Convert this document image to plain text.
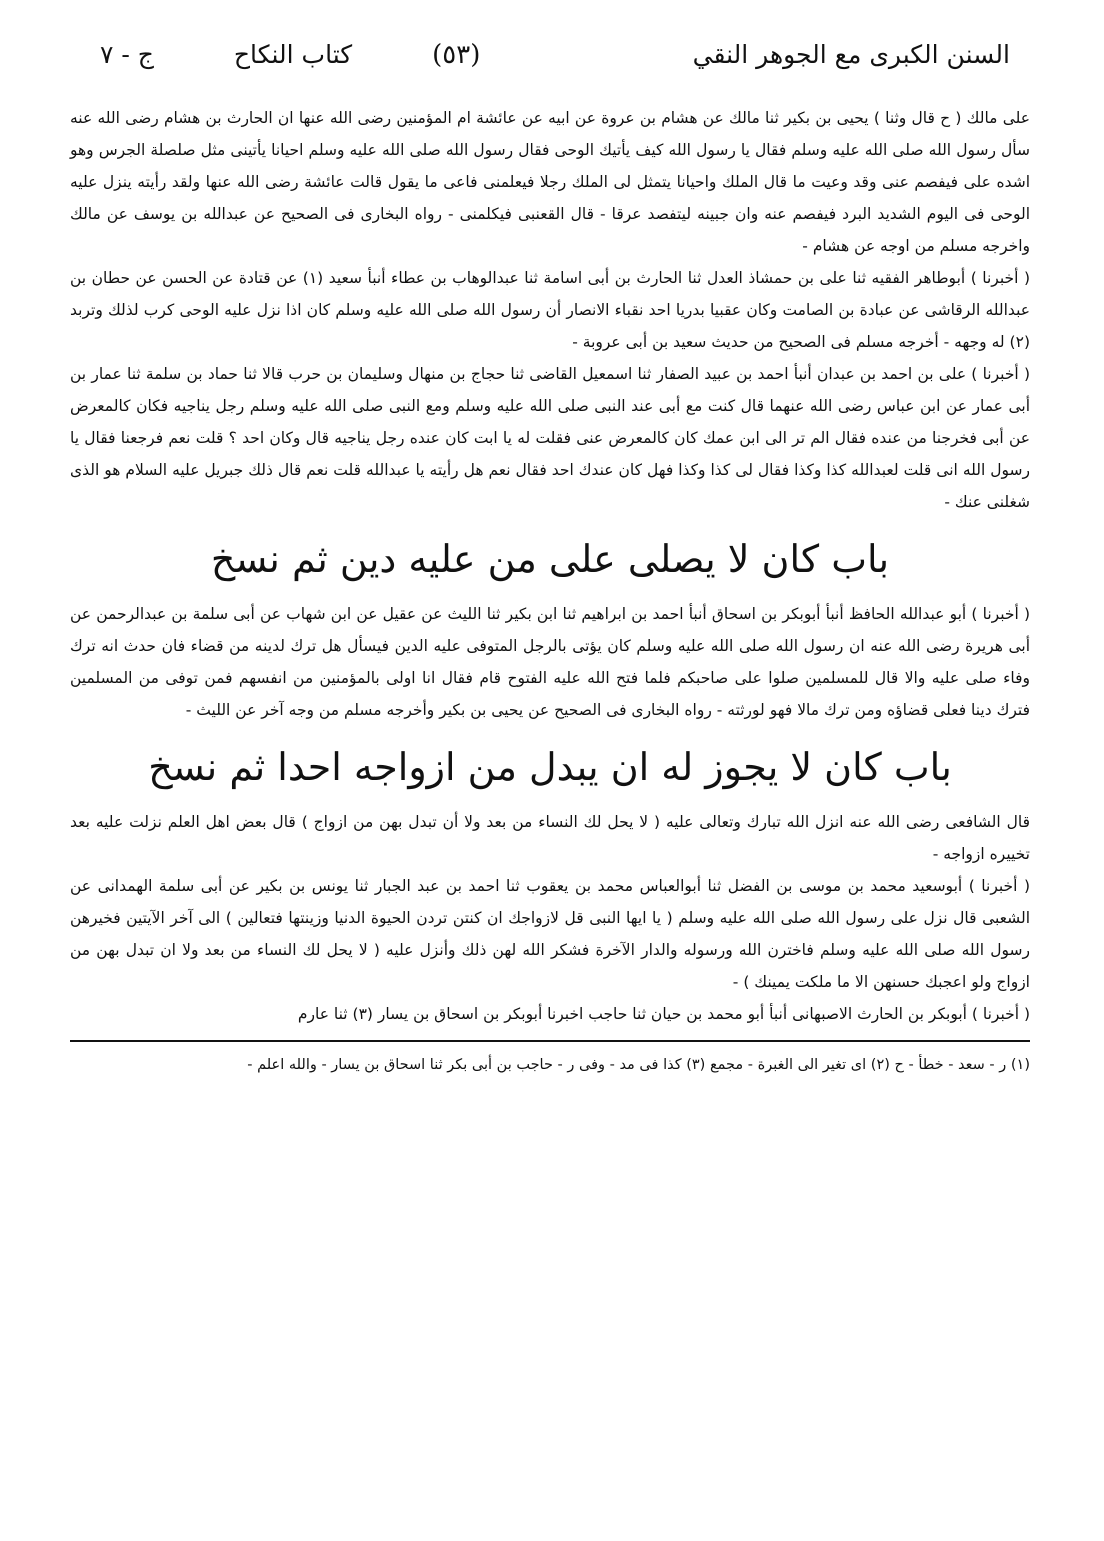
السنن الكبرى مع الجوهر النقي
(٥٣)
كتاب النكاح
ج - ٧

على مالك ( ح قال وثنا ) يحيى بن بكير ثنا مالك عن هشام بن عروة عن ابيه عن عائشة ام المؤمنين رضى الله عنها ان الحارث بن هشام رضى الله عنه سأل رسول الله صلى الله عليه وسلم فقال يا رسول الله كيف يأتيك الوحى فقال رسول الله صلى الله عليه وسلم احيانا يأتينى مثل صلصلة الجرس وهو اشده على فيفصم عنى وقد وعيت ما قال الملك واحيانا يتمثل لى الملك رجلا فيعلمنى فاعى ما يقول قالت عائشة رضى الله عنها ولقد رأيته ينزل عليه الوحى فى اليوم الشديد البرد فيفصم عنه وان جبينه ليتفصد عرقا - قال القعنبى فيكلمنى - رواه البخارى فى الصحيح عن عبدالله بن يوسف عن مالك واخرجه مسلم من اوجه عن هشام -

( أخبرنا ) أبوطاهر الفقيه ثنا على بن حمشاذ العدل ثنا الحارث بن أبى اسامة ثنا عبدالوهاب بن عطاء أنبأ سعيد (١) عن قتادة عن الحسن عن حطان بن عبدالله الرقاشى عن عبادة بن الصامت وكان عقبيا بدريا احد نقباء الانصار أن رسول الله صلى الله عليه وسلم كان اذا نزل عليه الوحى كرب لذلك وتربد (٢) له وجهه - أخرجه مسلم فى الصحيح من حديث سعيد بن أبى عروبة -

( أخبرنا ) على بن احمد بن عبدان أنبأ احمد بن عبيد الصفار ثنا اسمعيل القاضى ثنا حجاج بن منهال وسليمان بن حرب قالا ثنا حماد بن سلمة ثنا عمار بن أبى عمار عن ابن عباس رضى الله عنهما قال كنت مع أبى عند النبى صلى الله عليه وسلم ومع النبى صلى الله عليه وسلم رجل يناجيه فكان كالمعرض عن أبى فخرجنا من عنده فقال الم تر الى ابن عمك كان كالمعرض عنى فقلت له يا ابت كان عنده رجل يناجيه قال وكان احد ؟ قلت نعم فرجعنا فقال يا رسول الله انى قلت لعبدالله كذا وكذا فقال لى كذا وكذا فهل كان عندك احد فقال نعم هل رأيته يا عبدالله قلت نعم قال ذلك جبريل عليه السلام هو الذى شغلنى عنك -

باب كان لا يصلى على من عليه دين ثم نسخ

( أخبرنا ) أبو عبدالله الحافظ أنبأ أبوبكر بن اسحاق أنبأ احمد بن ابراهيم ثنا ابن بكير ثنا الليث عن عقيل عن ابن شهاب عن أبى سلمة بن عبدالرحمن عن أبى هريرة رضى الله عنه ان رسول الله صلى الله عليه وسلم كان يؤتى بالرجل المتوفى عليه الدين فيسأل هل ترك لدينه من قضاء فان حدث انه ترك وفاء صلى عليه والا قال للمسلمين صلوا على صاحبكم فلما فتح الله عليه الفتوح قام فقال انا اولى بالمؤمنين من انفسهم فمن توفى من المسلمين فترك دينا فعلى قضاؤه ومن ترك مالا فهو لورثته - رواه البخارى فى الصحيح عن يحيى بن بكير وأخرجه مسلم من وجه آخر عن الليث -

باب كان لا يجوز له ان يبدل من ازواجه احدا ثم نسخ

قال الشافعى رضى الله عنه انزل الله تبارك وتعالى عليه ( لا يحل لك النساء من بعد ولا أن تبدل بهن من ازواج ) قال بعض اهل العلم نزلت عليه بعد تخييره ازواجه -

( أخبرنا ) أبوسعيد محمد بن موسى بن الفضل ثنا أبوالعباس محمد بن يعقوب ثنا احمد بن عبد الجبار ثنا يونس بن بكير عن أبى سلمة الهمدانى عن الشعبى قال نزل على رسول الله صلى الله عليه وسلم ( يا ايها النبى قل لازواجك ان كنتن تردن الحيوة الدنيا وزينتها فتعالين ) الى آخر الآيتين فخيرهن رسول الله صلى الله عليه وسلم فاخترن الله ورسوله والدار الآخرة فشكر الله لهن ذلك وأنزل عليه ( لا يحل لك النساء من بعد ولا ان تبدل بهن من ازواج ولو اعجبك حسنهن الا ما ملكت يمينك ) -

( أخبرنا ) أبوبكر بن الحارث الاصبهانى أنبأ أبو محمد بن حيان ثنا حاجب اخبرنا أبوبكر بن اسحاق بن يسار (٣) ثنا عارم

(١) ر - سعد - خطأ - ح (٢) اى تغير الى الغبرة - مجمع (٣) كذا فى مد - وفى ر - حاجب بن أبى بكر ثنا اسحاق بن يسار - والله اعلم -
